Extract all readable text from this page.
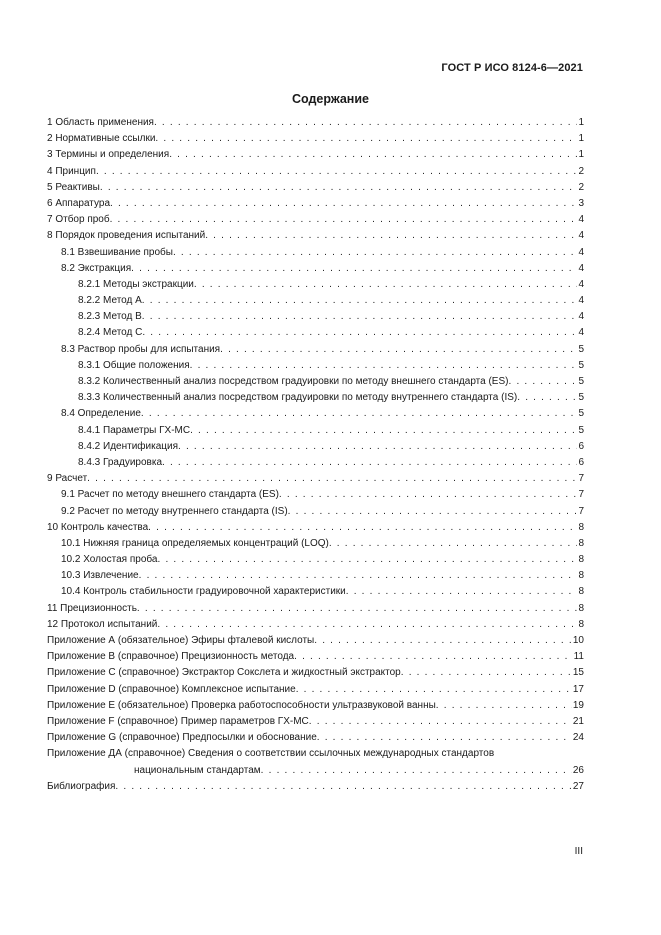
ГОСТ Р ИСО 8124-6—2021
Содержание
1 Область применения . . .	1
2 Нормативные ссылки . . .	1
3 Термины и определения . . .	1
4 Принцип . . .	2
5 Реактивы . . .	2
6 Аппаратура . . .	3
7 Отбор проб . . .	4
8 Порядок проведения испытаний . . .	4
8.1 Взвешивание пробы . . .	4
8.2 Экстракция . . .	4
8.2.1 Методы экстракции . . .	4
8.2.2 Метод А . . .	4
8.2.3 Метод В . . .	4
8.2.4 Метод С . . .	4
8.3 Раствор пробы для испытания . . .	5
8.3.1 Общие положения . . .	5
8.3.2 Количественный анализ посредством градуировки по методу внешнего стандарта (ES) . . .	5
8.3.3 Количественный анализ посредством градуировки по методу внутреннего стандарта (IS) . . .	5
8.4 Определение . . .	5
8.4.1 Параметры ГХ-МС . . .	5
8.4.2 Идентификация . . .	6
8.4.3 Градуировка . . .	6
9 Расчет . . .	7
9.1 Расчет по методу внешнего стандарта (ES) . . .	7
9.2 Расчет по методу внутреннего стандарта (IS) . . .	7
10 Контроль качества . . .	8
10.1 Нижняя граница определяемых концентраций (LOQ) . . .	8
10.2 Холостая проба . . .	8
10.3 Извлечение . . .	8
10.4 Контроль стабильности градуировочной характеристики . . .	8
11 Прецизионность . . .	8
12 Протокол испытаний . . .	8
Приложение А (обязательное) Эфиры фталевой кислоты . . .	10
Приложение В (справочное) Прецизионность метода . . .	11
Приложение С (справочное) Экстрактор Сокслета и жидкостный экстрактор . . .	15
Приложение D (справочное) Комплексное испытание . . .	17
Приложение Е (обязательное) Проверка работоспособности ультразвуковой ванны . . .	19
Приложение F (справочное) Пример параметров ГХ-МС . . .	21
Приложение G (справочное) Предпосылки и обоснование . . .	24
Приложение ДА (справочное) Сведения о соответствии ссылочных международных стандартов
национальным стандартам . . .	26
Библиография . . .	27
III
